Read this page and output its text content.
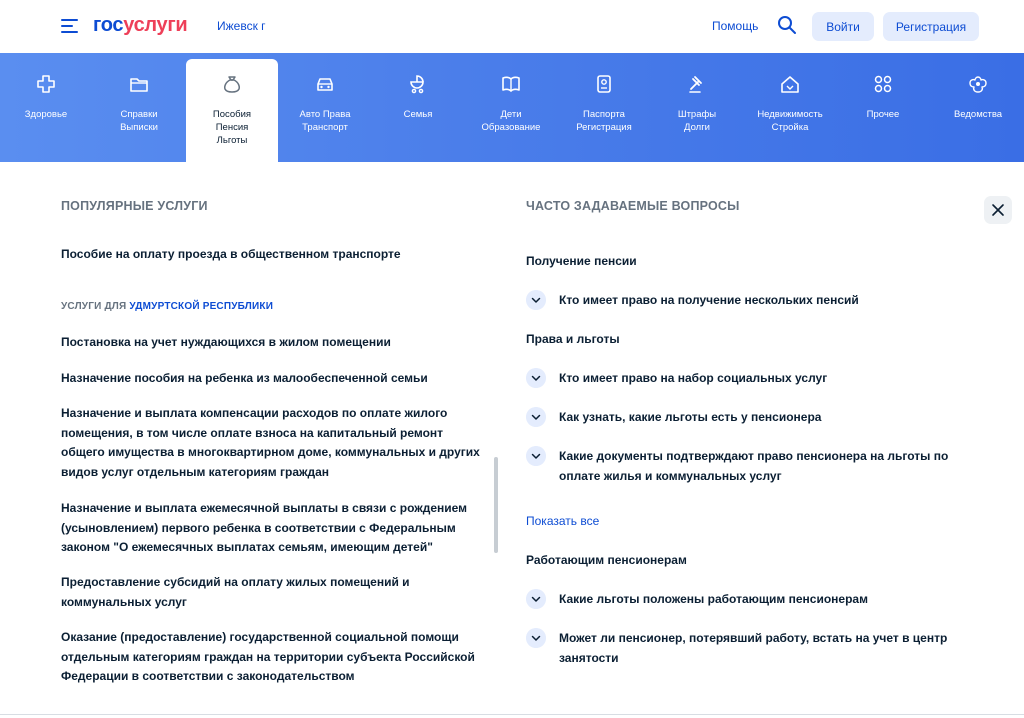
госуслуги Ижевск г	Помощь	Войти	Регистрация
Здоровье	Справки
Выписки
Пособия
Пенсия
Льготы
Авто Права
Транспорт
Семья	Дети
Образование
Паспорта
Регистрация
Штрафы
Долги
Недвижимость
Стройка
Прочее	Ведомства
ПОПУЛЯРНЫЕ УСЛУГИ
Пособие на оплату проезда в общественном транспорте
УСЛУГИ ДЛЯ УДМУРТСКОЙ РЕСПУБЛИКИ
Постановка на учет нуждающихся в жилом помещении
Назначение пособия на ребенка из малообеспеченной семьи
Назначение и выплата компенсации расходов по оплате жилого помещения, в том числе оплате взноса на капитальный ремонт общего имущества в многоквартирном доме, коммунальных и других видов услуг отдельным категориям граждан
Назначение и выплата ежемесячной выплаты в связи с рождением (усыновлением) первого ребенка в соответствии с Федеральным законом "О ежемесячных выплатах семьям, имеющим детей"
Предоставление субсидий на оплату жилых помещений и коммунальных услуг
Оказание (предоставление) государственной социальной помощи отдельным категориям граждан на территории субъекта Российской Федерации в соответствии с законодательством
ЧАСТО ЗАДАВАЕМЫЕ ВОПРОСЫ
Получение пенсии
Кто имеет право на получение нескольких пенсий
Права и льготы
Кто имеет право на набор социальных услуг
Как узнать, какие льготы есть у пенсионера
Какие документы подтверждают право пенсионера на льготы по оплате жилья и коммунальных услуг
Показать все
Работающим пенсионерам
Какие льготы положены работающим пенсионерам
Может ли пенсионер, потерявший работу, встать на учет в центр занятости
